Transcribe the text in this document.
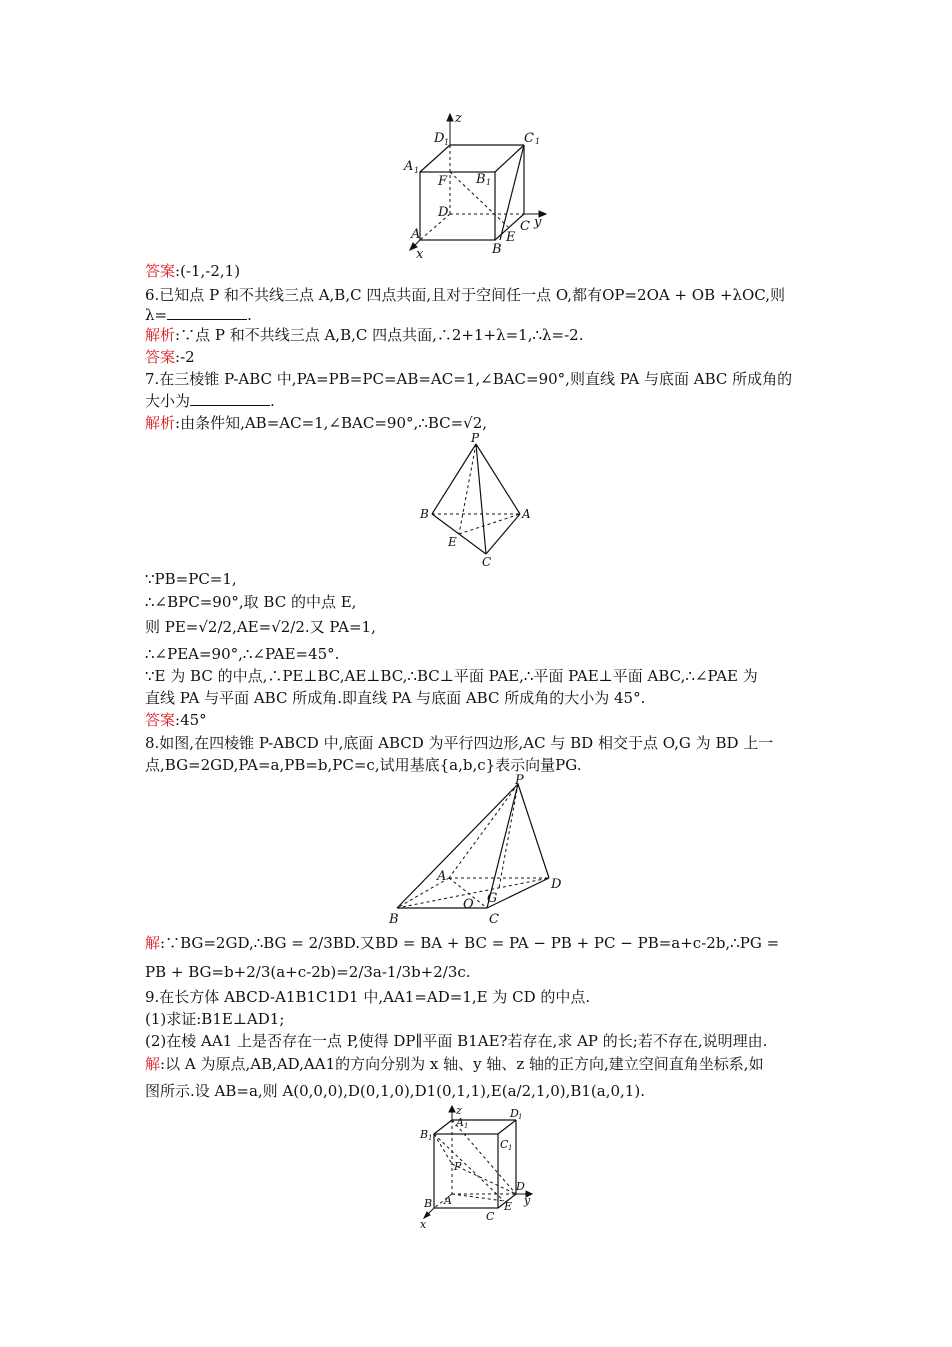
z
D 1	C 1
A 1
F B 1
D
C y
A	E
B
x
答案:(-1,-2,1)
6.已知点 P 和不共线三点 A,B,C 四点共面,且对于空间任一点 O,都有OP=2OA + OB +λOC,则
λ=	.
解析:∵点 P 和不共线三点 A,B,C 四点共面,∴2+1+λ=1,∴λ=-2.
答案:-2
7.在三棱锥 P-ABC 中,PA=PB=PC=AB=AC=1,∠BAC=90°,则直线 PA 与底面 ABC 所成角的
大小为	.
解析:由条件知,AB=AC=1,∠BAC=90°,∴BC=√2,
P
B	A
E
C
∵PB=PC=1,
∴∠BPC=90°,取 BC 的中点 E,
则 PE=√2/2,AE=√2/2.又 PA=1,
∴∠PEA=90°,∴∠PAE=45°.
∵E 为 BC 的中点,∴PE⊥BC,AE⊥BC,∴BC⊥平面 PAE,∴平面 PAE⊥平面 ABC,∴∠PAE 为
直线 PA 与平面 ABC 所成角.即直线 PA 与底面 ABC 所成角的大小为 45°.
答案:45°
8.如图,在四棱锥 P-ABCD 中,底面 ABCD 为平行四边形,AC 与 BD 相交于点 O,G 为 BD 上一
点,BG=2GD,PA=a,PB=b,PC=c,试用基底{a,b,c}表示向量PG.
P
A
D
G
O
B	C
解:∵BG=2GD,∴BG = 2/3BD.又BD = BA + BC = PA − PB + PC − PB=a+c-2b,∴PG =
PB + BG=b+2/3(a+c-2b)=2/3a-1/3b+2/3c.
9.在长方体 ABCD-A1B1C1D1 中,AA1=AD=1,E 为 CD 的中点.
(1)求证:B1E⊥AD1;
(2)在棱 AA1 上是否存在一点 P,使得 DP∥平面 B1AE?若存在,求 AP 的长;若不存在,说明理由.
解:以 A 为原点,AB,AD,AA1的方向分别为 x 轴、y 轴、z 轴的正方向,建立空间直角坐标系,如
图所示.设 AB=a,则 A(0,0,0),D(0,1,0),D1(0,1,1),E(a/2,1,0),B1(a,0,1).
z
A 1
D 1
B 1	C 1
P
D
y
B A
C
E
x
